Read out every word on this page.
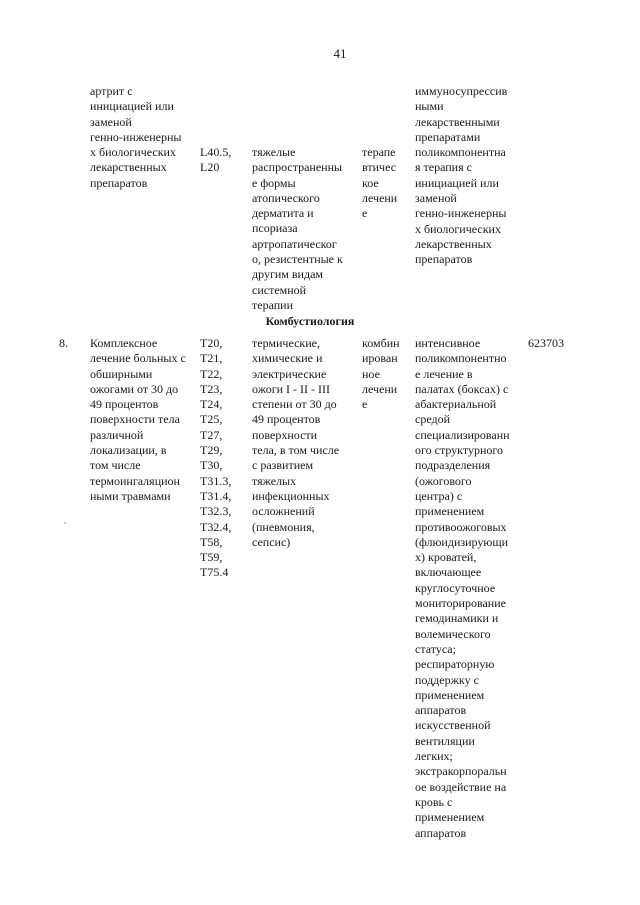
41
артрит с
инициацией или
заменой
генно-инженерны
х биологических
лекарственных
препаратов
L40.5,
L20
тяжелые
распространенны
е формы
атопического
дерматита и
псориаза
артропатическог
о, резистентные к
другим видам
системной
терапии
терапе
втичес
кое
лечени
е
иммуносупрессив
ными
лекарственными
препаратами
поликомпонентна
я терапия с
инициацией или
заменой
генно-инженерны
х биологических
лекарственных
препаратов
Комбустиология
8. Комплексное
лечение больных с
обширными
ожогами от 30 до
49 процентов
поверхности тела
различной
локализации, в
том числе
термоингаляцион
ными травмами
T20,
T21,
T22,
T23,
T24,
T25,
T27,
T29,
T30,
T31.3,
T31.4,
T32.3,
T32.4,
T58,
T59,
T75.4
термические,
химические и
электрические
ожоги I - II - III
степени от 30 до
49 процентов
поверхности
тела, в том числе
с развитием
тяжелых
инфекционных
осложнений
(пневмония,
сепсис)
комбин
ирован
ное
лечени
е
интенсивное
поликомпонентно
е лечение в
палатах (боксах) с
абактериальной
средой
специализированн
ого структурного
подразделения
(ожогового
центра) с
применением
противоожоговых
(флюидизирующи
х) кроватей,
включающее
круглосуточное
мониторирование
гемодинамики и
волемического
статуса;
респираторную
поддержку с
применением
аппаратов
искусственной
вентиляции
легких;
экстракорпоральн
ое воздействие на
кровь с
применением
аппаратов
623703
